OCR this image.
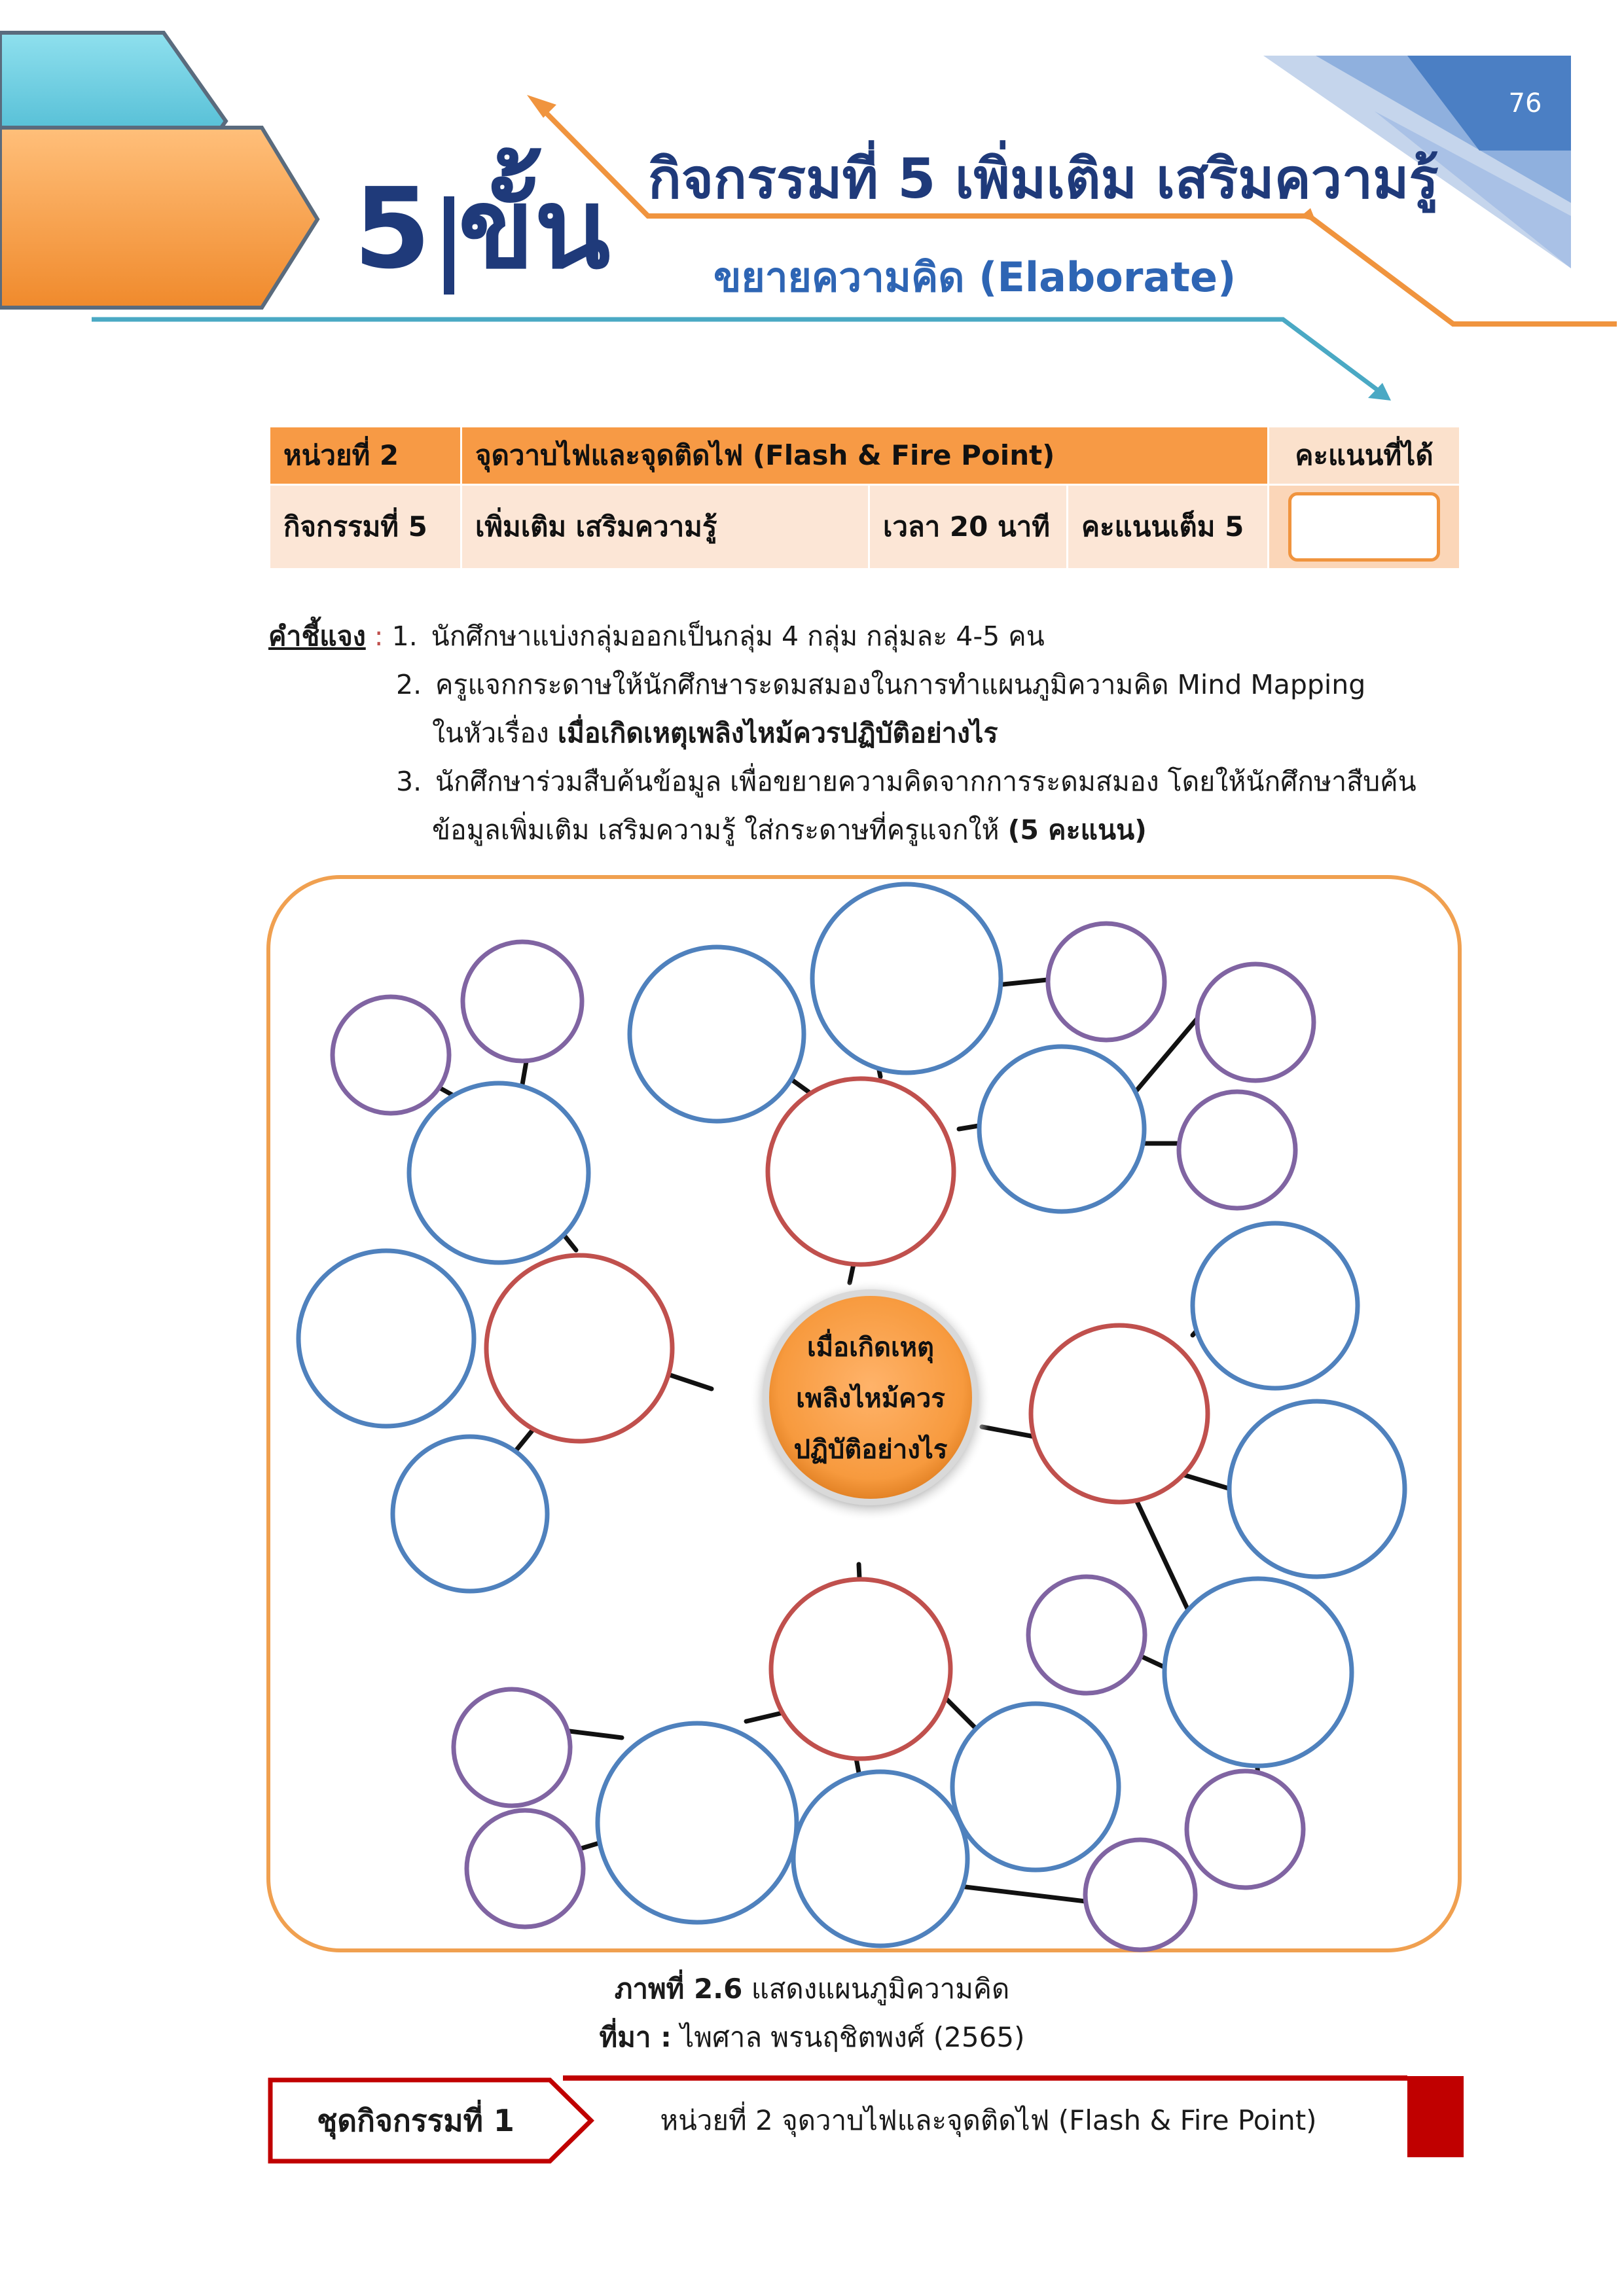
76
5 ขั้น กิจกรรมที่ 5 เพิ่มเติม เสริมความรู้
ขยายความคิด (Elaborate)
หน่วยที่ 2	จุดวาบไฟและจุดติดไฟ (Flash & Fire Point)			คะแนนที่ได้
กิจกรรมที่ 5	เพิ่มเติม เสริมความรู้	เวลา 20 นาที	คะแนนเต็ม 5	
คำชี้แจง : 1. นักศึกษาแบ่งกลุ่มออกเป็นกลุ่ม 4 กลุ่ม กลุ่มละ 4-5 คน
2. ครูแจกกระดาษให้นักศึกษาระดมสมองในการทำแผนภูมิความคิด Mind Mapping
ในหัวเรื่อง เมื่อเกิดเหตุเพลิงไหม้ควรปฏิบัติอย่างไร
3. นักศึกษาร่วมสืบค้นข้อมูล เพื่อขยายความคิดจากการระดมสมอง โดยให้นักศึกษาสืบค้น
ข้อมูลเพิ่มเติม เสริมความรู้ ใส่กระดาษที่ครูแจกให้ (5 คะแนน)
เมื่อเกิดเหตุ
เพลิงไหม้ควร
ปฏิบัติอย่างไร
ภาพที่ 2.6 แสดงแผนภูมิความคิด
ที่มา : ไพศาล พรนฤชิตพงศ์ (2565)
ชุดกิจกรรมที่ 1	หน่วยที่ 2 จุดวาบไฟและจุดติดไฟ (Flash & Fire Point)
